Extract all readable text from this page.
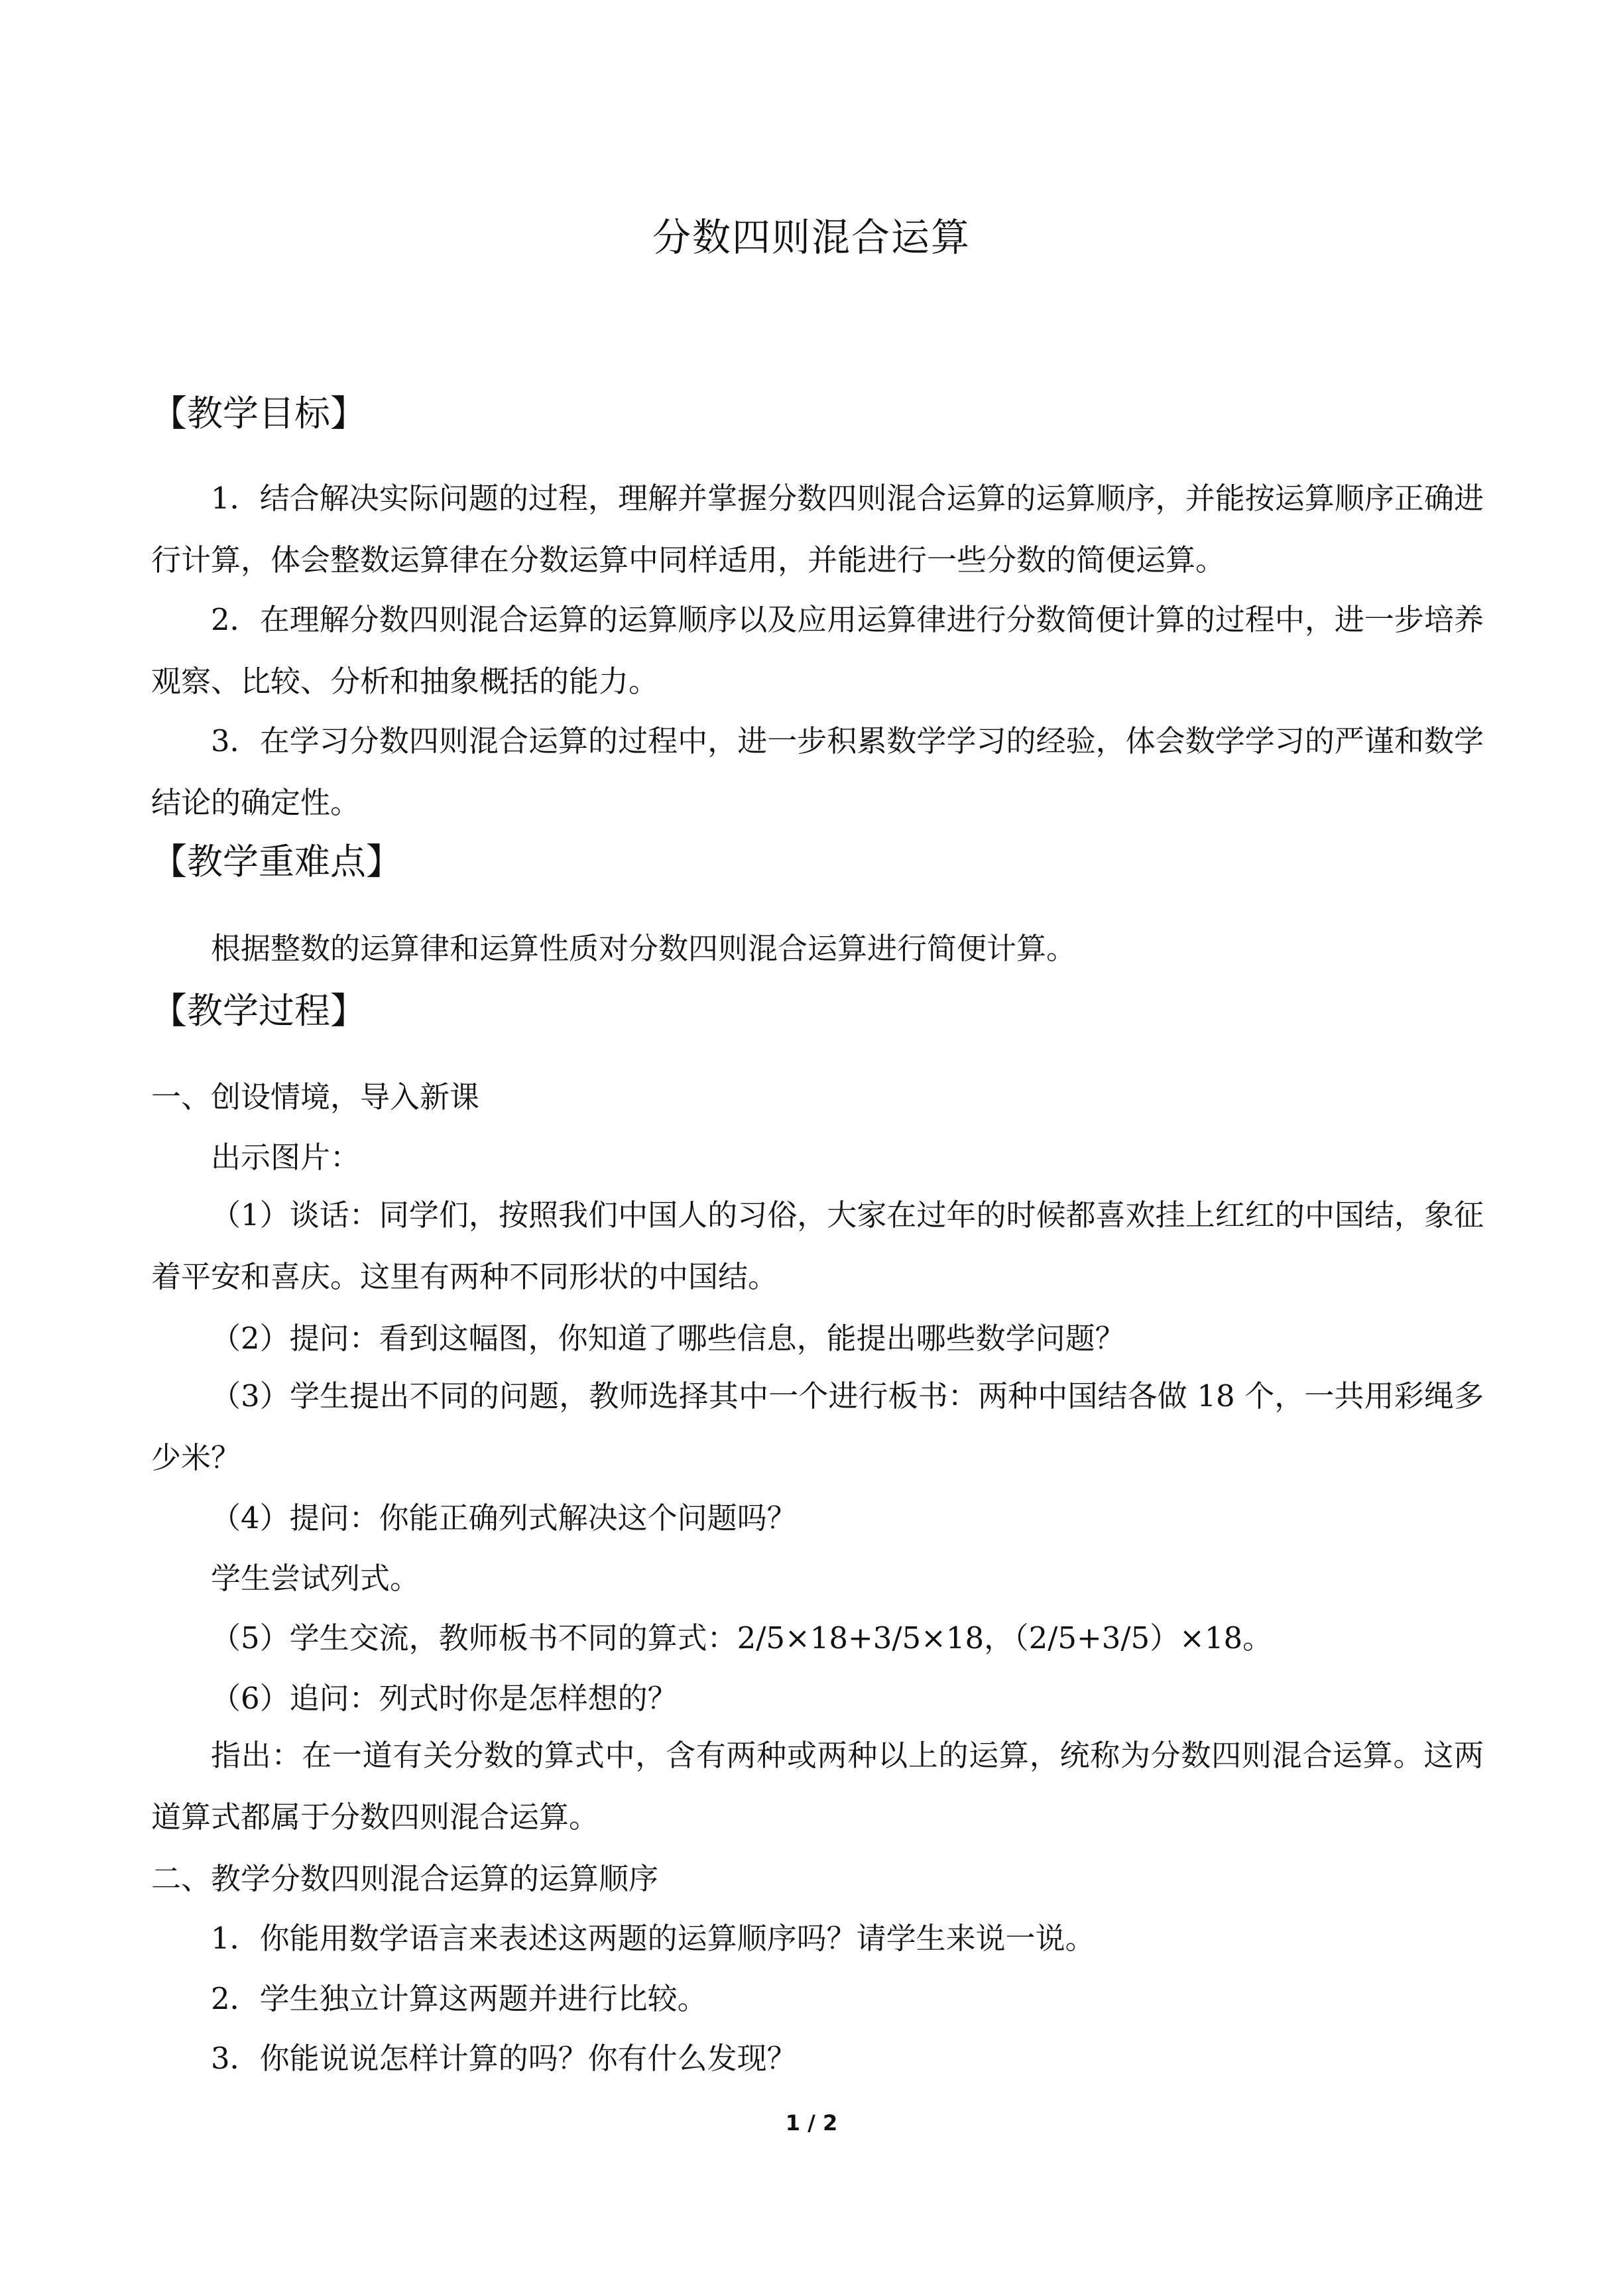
分数四则混合运算
【教学目标】
1．结合解决实际问题的过程，理解并掌握分数四则混合运算的运算顺序，并能按运算顺序正确进行计算，体会整数运算律在分数运算中同样适用，并能进行一些分数的简便运算。
2．在理解分数四则混合运算的运算顺序以及应用运算律进行分数简便计算的过程中，进一步培养观察、比较、分析和抽象概括的能力。
3．在学习分数四则混合运算的过程中，进一步积累数学学习的经验，体会数学学习的严谨和数学结论的确定性。
【教学重难点】
根据整数的运算律和运算性质对分数四则混合运算进行简便计算。
【教学过程】
一、创设情境，导入新课
出示图片：
（1）谈话：同学们，按照我们中国人的习俗，大家在过年的时候都喜欢挂上红红的中国结，象征着平安和喜庆。这里有两种不同形状的中国结。
（2）提问：看到这幅图，你知道了哪些信息，能提出哪些数学问题？
（3）学生提出不同的问题，教师选择其中一个进行板书：两种中国结各做 18 个，一共用彩绳多少米？
（4）提问：你能正确列式解决这个问题吗？
学生尝试列式。
（5）学生交流，教师板书不同的算式：2/5×18+3/5×18，（2/5+3/5）×18。
（6）追问：列式时你是怎样想的？
指出：在一道有关分数的算式中，含有两种或两种以上的运算，统称为分数四则混合运算。这两道算式都属于分数四则混合运算。
二、教学分数四则混合运算的运算顺序
1．你能用数学语言来表述这两题的运算顺序吗？请学生来说一说。
2．学生独立计算这两题并进行比较。
3．你能说说怎样计算的吗？你有什么发现？
1 / 2
